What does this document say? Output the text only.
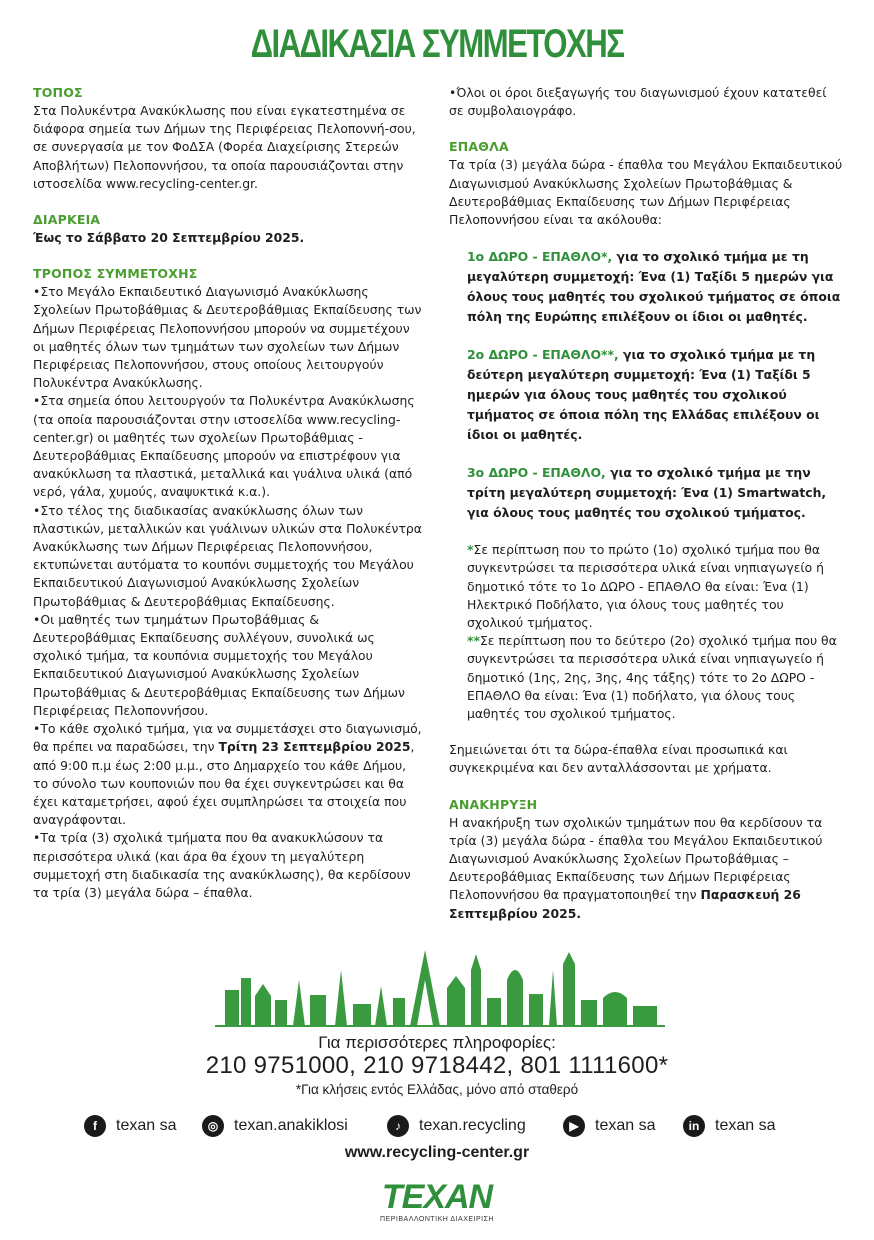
ΔΙΑΔΙΚΑΣΙΑ ΣΥΜΜΕΤΟΧΗΣ
ΤΟΠΟΣ

Στα Πολυκέντρα Ανακύκλωσης που είναι εγκατεστημένα σε διάφορα σημεία των Δήμων της Περιφέρειας Πελοποννή-σου, σε συνεργασία με τον ΦοΔΣΑ (Φορέα Διαχείρισης Στερεών Αποβλήτων) Πελοποννήσου, τα οποία παρουσιάζονται στην ιστοσελίδα www.recycling-center.gr.

ΔΙΑΡΚΕΙΑ

Έως το Σάββατο 20 Σεπτεμβρίου 2025.

ΤΡΟΠΟΣ ΣΥΜΜΕΤΟΧΗΣ

• Στο Μεγάλο Εκπαιδευτικό Διαγωνισμό Ανακύκλωσης Σχολείων Πρωτοβάθμιας & Δευτεροβάθμιας Εκπαίδευσης των Δήμων Περιφέρειας Πελοποννήσου μπορούν να συμμετέχουν οι μαθητές όλων των τμημάτων των σχολείων των Δήμων Περιφέρειας Πελοποννήσου, στους οποίους λειτουργούν Πολυκέντρα Ανακύκλωσης.

• Στα σημεία όπου λειτουργούν τα Πολυκέντρα Ανακύκλωσης (τα οποία παρουσιάζονται στην ιστοσελίδα www.recycling-center.gr) οι μαθητές των σχολείων Πρωτοβάθμιας - Δευτεροβάθμιας Εκπαίδευσης μπορούν να επιστρέφουν για ανακύκλωση τα πλαστικά, μεταλλικά και γυάλινα υλικά (από νερό, γάλα, χυμούς, αναψυκτικά κ.α.).

• Στο τέλος της διαδικασίας ανακύκλωσης όλων των πλαστικών, μεταλλικών και γυάλινων υλικών στα Πολυκέντρα Ανακύκλωσης των Δήμων Περιφέρειας Πελοποννήσου, εκτυπώνεται αυτόματα το κουπόνι συμμετοχής του Μεγάλου Εκπαιδευτικού Διαγωνισμού Ανακύκλωσης Σχολείων Πρωτοβάθμιας & Δευτεροβάθμιας Εκπαίδευσης.

• Οι μαθητές των τμημάτων Πρωτοβάθμιας & Δευτεροβάθμιας Εκπαίδευσης συλλέγουν, συνολικά ως σχολικό τμήμα, τα κουπόνια συμμετοχής του Μεγάλου Εκπαιδευτικού Διαγωνισμού Ανακύκλωσης Σχολείων Πρωτοβάθμιας & Δευτεροβάθμιας Εκπαίδευσης των Δήμων Περιφέρειας Πελοποννήσου.

• Το κάθε σχολικό τμήμα, για να συμμετάσχει στο διαγωνισμό, θα πρέπει να παραδώσει, την Τρίτη 23 Σεπτεμβρίου 2025, από 9:00 π.μ έως 2:00 μ.μ., στο Δημαρχείο του κάθε Δήμου, το σύνολο των κουπονιών που θα έχει συγκεντρώσει και θα έχει καταμετρήσει, αφού έχει συμπληρώσει τα στοιχεία που αναγράφονται.

• Τα τρία (3) σχολικά τμήματα που θα ανακυκλώσουν τα περισσότερα υλικά (και άρα θα έχουν τη μεγαλύτερη συμμετοχή στη διαδικασία της ανακύκλωσης), θα κερδίσουν τα τρία (3) μεγάλα δώρα – έπαθλα.

• Όλοι οι όροι διεξαγωγής του διαγωνισμού έχουν κατατεθεί σε συμβολαιογράφο.

ΕΠΑΘΛΑ

Τα τρία (3) μεγάλα δώρα - έπαθλα του Μεγάλου Εκπαιδευτικού Διαγωνισμού Ανακύκλωσης Σχολείων Πρωτοβάθμιας & Δευτεροβάθμιας Εκπαίδευσης των Δήμων Περιφέρειας Πελοποννήσου είναι τα ακόλουθα:

1ο ΔΩΡΟ - ΕΠΑΘΛΟ*, για το σχολικό τμήμα με τη μεγαλύτερη συμμετοχή: Ένα (1) Ταξίδι 5 ημερών για όλους τους μαθητές του σχολικού τμήματος σε όποια πόλη της Ευρώπης επιλέξουν οι ίδιοι οι μαθητές.

2ο ΔΩΡΟ - ΕΠΑΘΛΟ**, για το σχολικό τμήμα με τη δεύτερη μεγαλύτερη συμμετοχή: Ένα (1) Ταξίδι 5 ημερών για όλους τους μαθητές του σχολικού τμήματος σε όποια πόλη της Ελλάδας επιλέξουν οι ίδιοι οι μαθητές.

3ο ΔΩΡΟ - ΕΠΑΘΛΟ, για το σχολικό τμήμα με την τρίτη μεγαλύτερη συμμετοχή: Ένα (1) Smartwatch, για όλους τους μαθητές του σχολικού τμήματος.

*Σε περίπτωση που το πρώτο (1ο) σχολικό τμήμα που θα συγκεντρώσει τα περισσότερα υλικά είναι νηπιαγωγείο ή δημοτικό τότε το 1ο ΔΩΡΟ - ΕΠΑΘΛΟ θα είναι: Ένα (1) Ηλεκτρικό Ποδήλατο, για όλους τους μαθητές του σχολικού τμήματος.

**Σε περίπτωση που το δεύτερο (2ο) σχολικό τμήμα που θα συγκεντρώσει τα περισσότερα υλικά είναι νηπιαγωγείο ή δημοτικό (1ης, 2ης, 3ης, 4ης τάξης) τότε το 2ο ΔΩΡΟ - ΕΠΑΘΛΟ θα είναι: Ένα (1) ποδήλατο, για όλους τους μαθητές του σχολικού τμήματος.

Σημειώνεται ότι τα δώρα-έπαθλα είναι προσωπικά και συγκεκριμένα και δεν ανταλλάσσονται με χρήματα.

ΑΝΑΚΗΡΥΞΗ

Η ανακήρυξη των σχολικών τμημάτων που θα κερδίσουν τα τρία (3) μεγάλα δώρα - έπαθλα του Μεγάλου Εκπαιδευτικού Διαγωνισμού Ανακύκλωσης Σχολείων Πρωτοβάθμιας – Δευτεροβάθμιας Εκπαίδευσης των Δήμων Περιφέρειας Πελοποννήσου θα πραγματοποιηθεί την Παρασκευή 26 Σεπτεμβρίου 2025.

Για περισσότερες πληροφορίες:
210 9751000, 210 9718442, 801 1111600*
*Για κλήσεις εντός Ελλάδας, μόνο από σταθερό
f	texan sa	◎ texan.anakiklosi	♪	texan.recycling	▶	texan sa	in texan sa
www.recycling-center.gr
ΤΕΧΑΝ
ΠΕΡΙΒΑΛΛΟΝΤΙΚΗ ΔΙΑΧΕΙΡΙΣΗ
